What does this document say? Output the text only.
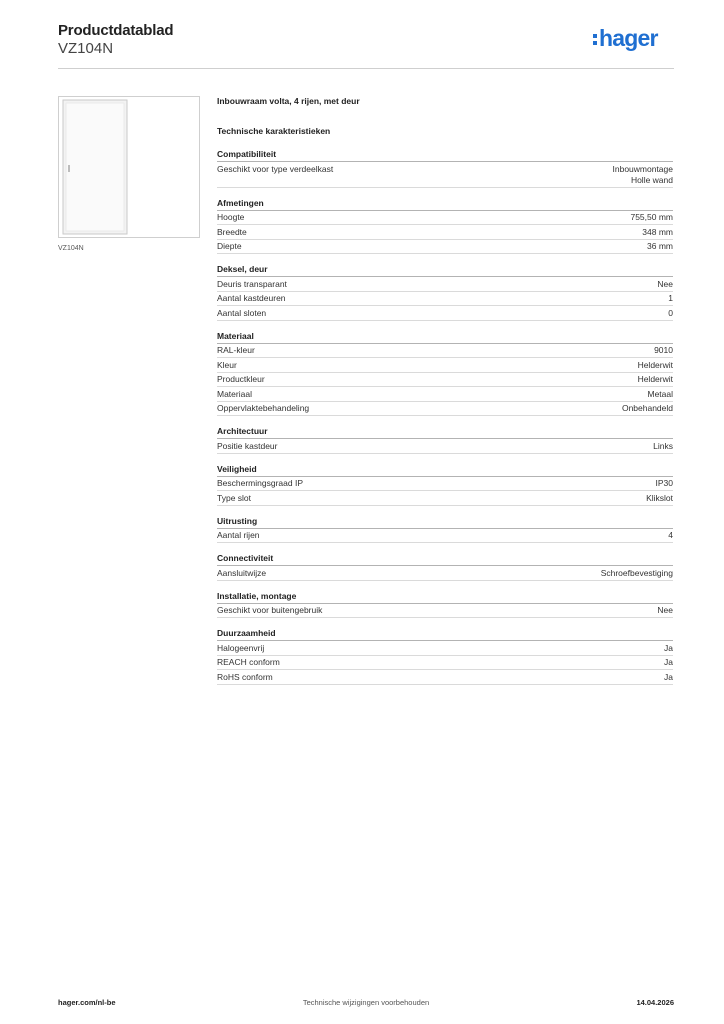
Productdatablad
VZ104N	hager
VZ104N
Inbouwraam volta, 4 rijen, met deur
Technische karakteristieken
Compatibiliteit
Geschikt voor type verdeelkast	Inbouwmontage
Holle wand
Afmetingen
Hoogte	755,50 mm
Breedte	348 mm
Diepte	36 mm
Deksel, deur
Deuris transparant	Nee
Aantal kastdeuren	1
Aantal sloten	0
Materiaal
RAL-kleur	9010
Kleur	Helderwit
Productkleur	Helderwit
Materiaal	Metaal
Oppervlaktebehandeling	Onbehandeld
Architectuur
Positie kastdeur	Links
Veiligheid
Beschermingsgraad IP	IP30
Type slot	Klikslot
Uitrusting
Aantal rijen	4
Connectiviteit
Aansluitwijze	Schroefbevestiging
Installatie, montage
Geschikt voor buitengebruik	Nee
Duurzaamheid
Halogeenvrij	Ja
REACH conform	Ja
RoHS conform	Ja
hager.com/nl-be	Technische wijzigingen voorbehouden	14.04.2026
